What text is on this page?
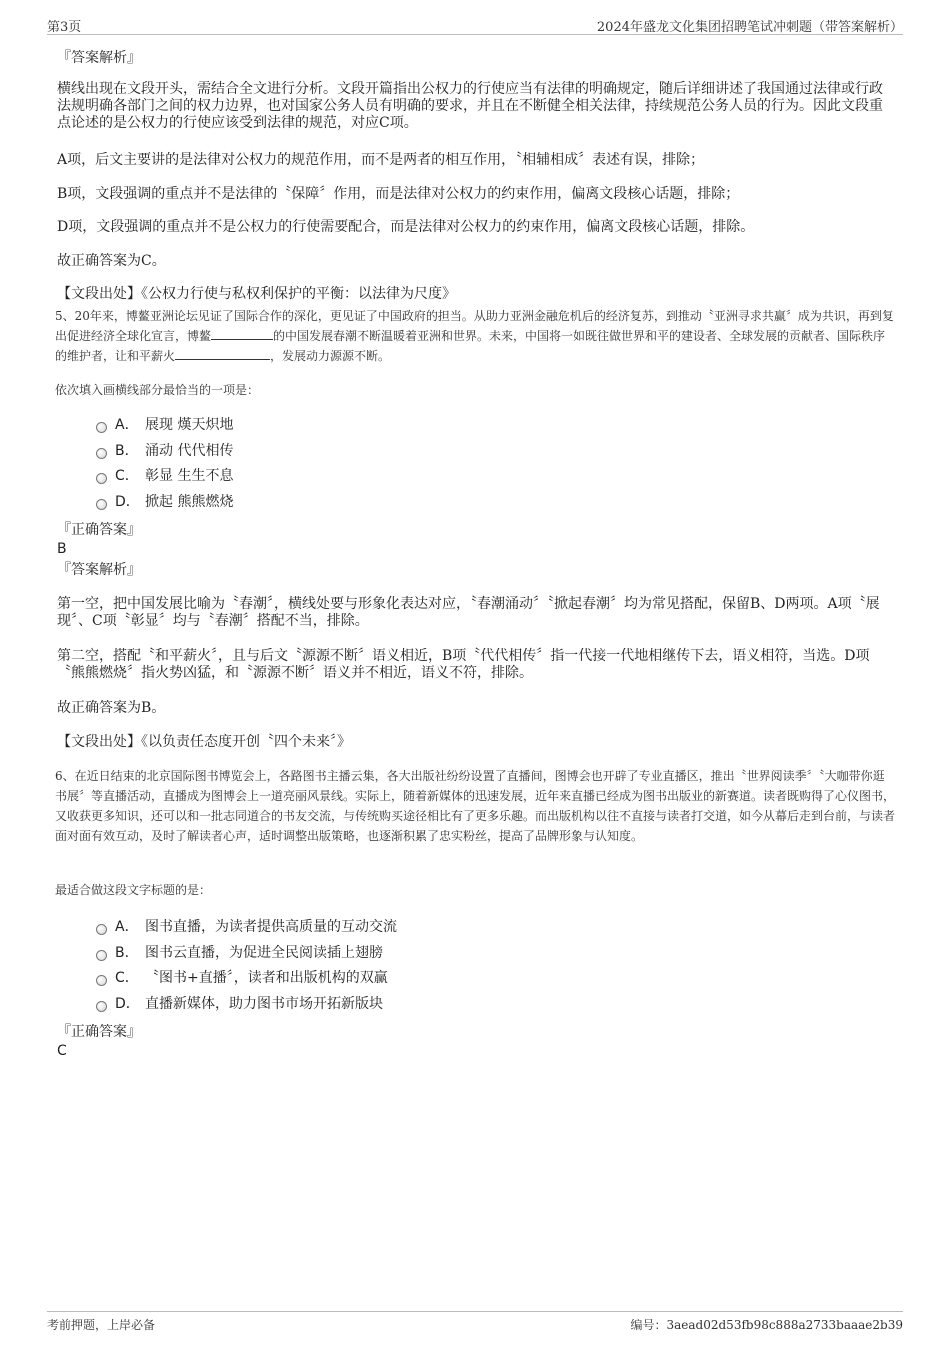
第3页	2024年盛龙文化集团招聘笔试冲刺题（带答案解析）
『答案解析』
横线出现在文段开头，需结合全文进行分析。文段开篇指出公权力的行使应当有法律的明确规定，随后详细讲述了我国通过法律或行政法规明确各部门之间的权力边界，也对国家公务人员有明确的要求，并且在不断健全相关法律，持续规范公务人员的行为。因此文段重点论述的是公权力的行使应该受到法律的规范，对应C项。
A项，后文主要讲的是法律对公权力的规范作用，而不是两者的相互作用，〝相辅相成〞表述有误，排除；
B项，文段强调的重点并不是法律的〝保障〞作用，而是法律对公权力的约束作用，偏离文段核心话题，排除；
D项，文段强调的重点并不是公权力的行使需要配合，而是法律对公权力的约束作用，偏离文段核心话题，排除。
故正确答案为C。
【文段出处】《公权力行使与私权利保护的平衡：以法律为尺度》
5、20年来，博鳌亚洲论坛见证了国际合作的深化，更见证了中国政府的担当。从助力亚洲金融危机后的经济复苏，到推动〝亚洲寻求共赢〞成为共识，再到复出促进经济全球化宣言，博鳌	的中国发展春潮不断温暖着亚洲和世界。未来，中国将一如既往做世界和平的建设者、全球发展的贡献者、国际秩序的维护者，让和平薪火	，发展动力源源不断。
依次填入画横线部分最恰当的一项是：
A． 展现 熯天炽地
B． 涌动 代代相传
C． 彰显 生生不息
D． 掀起 熊熊燃烧
『正确答案』
B
『答案解析』
第一空，把中国发展比喻为〝春潮〞，横线处要与形象化表达对应，〝春潮涌动〞〝掀起春潮〞均为常见搭配，保留B、D两项。A项〝展现〞、C项〝彰显〞均与〝春潮〞搭配不当，排除。
第二空，搭配〝和平薪火〞，且与后文〝源源不断〞语义相近，B项〝代代相传〞指一代接一代地相继传下去，语义相符，当选。D项〝熊熊燃烧〞指火势凶猛，和〝源源不断〞语义并不相近，语义不符，排除。
故正确答案为B。
【文段出处】《以负责任态度开创〝四个未来〞》
6、在近日结束的北京国际图书博览会上，各路图书主播云集，各大出版社纷纷设置了直播间，图博会也开辟了专业直播区，推出〝世界阅读季〞〝大咖带你逛书展〞等直播活动，直播成为图博会上一道亮丽风景线。实际上，随着新媒体的迅速发展，近年来直播已经成为图书出版业的新赛道。读者既购得了心仪图书，又收获更多知识，还可以和一批志同道合的书友交流，与传统购买途径相比有了更多乐趣。而出版机构以往不直接与读者打交道，如今从幕后走到台前，与读者面对面有效互动，及时了解读者心声，适时调整出版策略，也逐渐积累了忠实粉丝，提高了品牌形象与认知度。
最适合做这段文字标题的是：
A． 图书直播，为读者提供高质量的互动交流
B． 图书云直播，为促进全民阅读插上翅膀
C． 〝图书+直播〞，读者和出版机构的双赢
D． 直播新媒体，助力图书市场开拓新版块
『正确答案』
C
考前押题，上岸必备	编号：3aead02d53fb98c888a2733baaae2b39
